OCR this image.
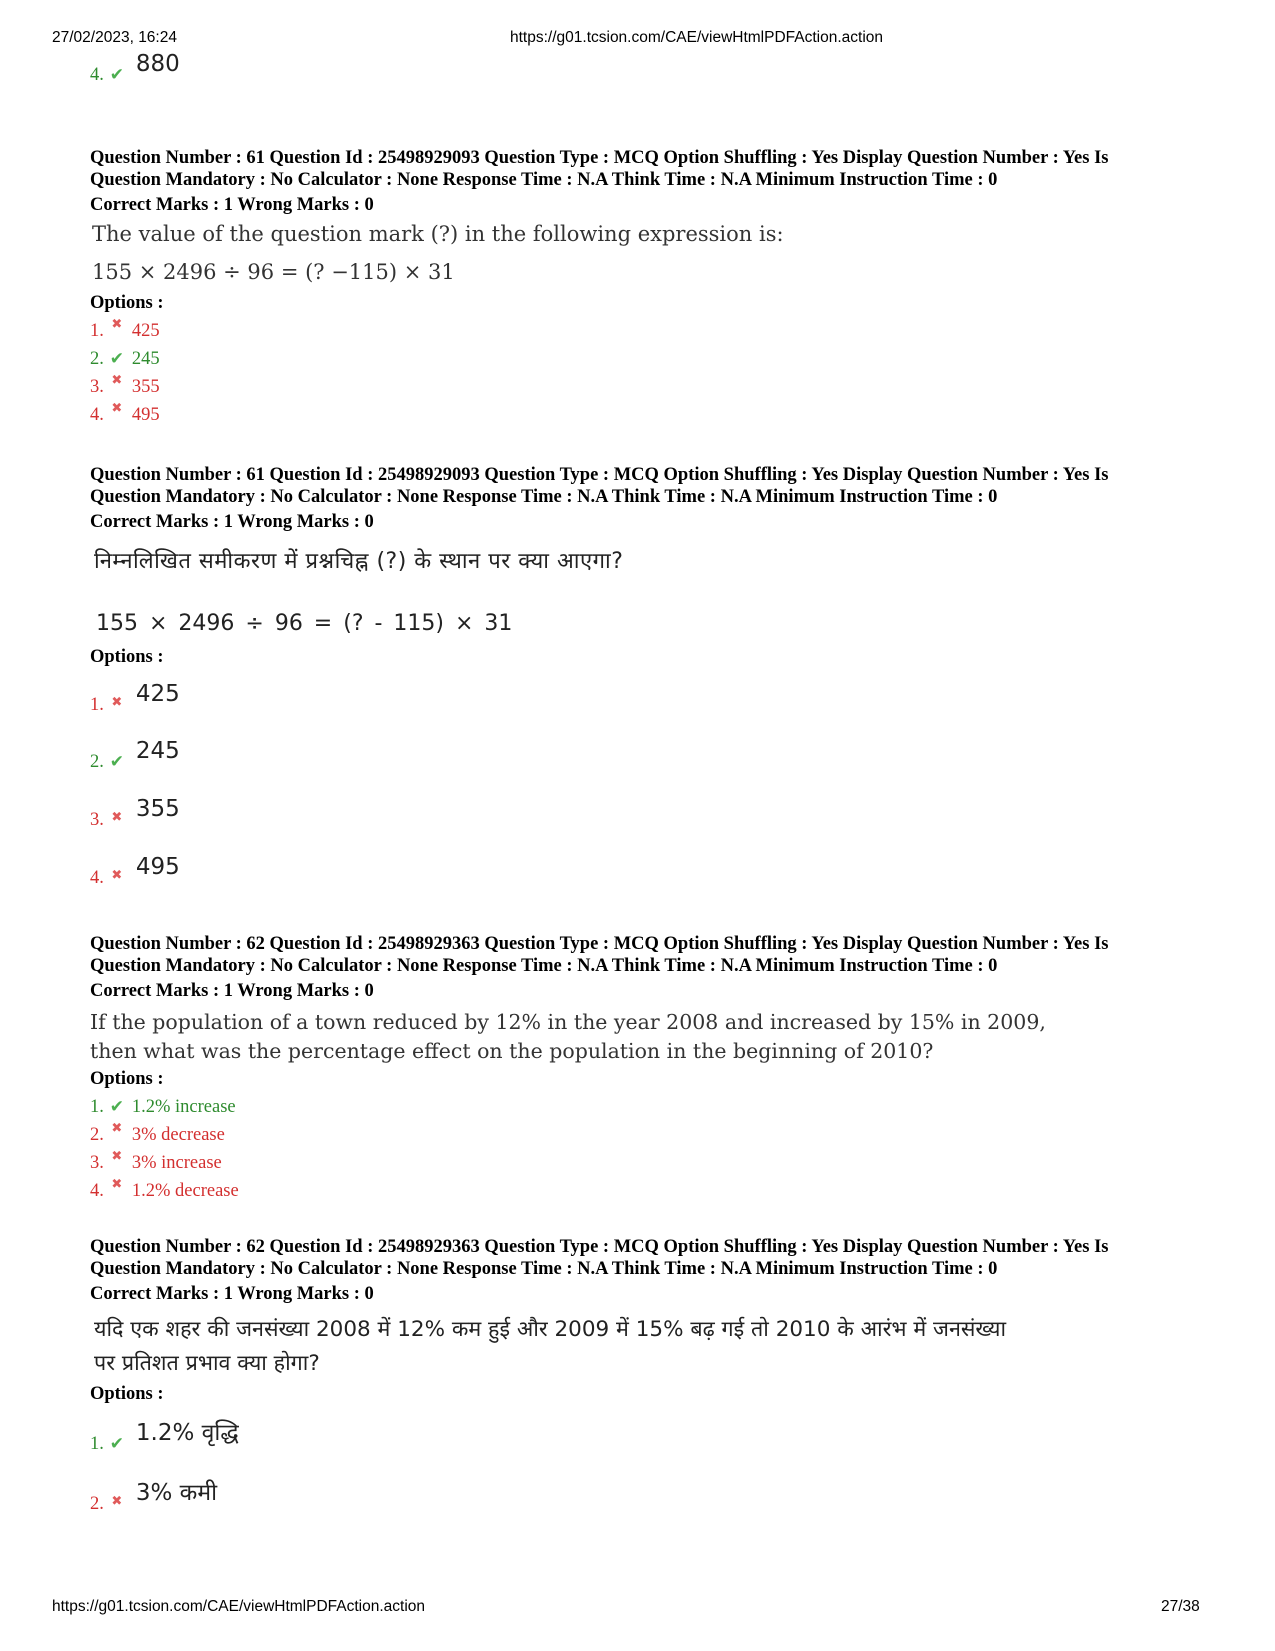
27/02/2023, 16:24	https://g01.tcsion.com/CAE/viewHtmlPDFAction.action
4. ✔ 880
Question Number : 61 Question Id : 25498929093 Question Type : MCQ Option Shuffling : Yes Display Question Number : Yes Is
Question Mandatory : No Calculator : None Response Time : N.A Think Time : N.A Minimum Instruction Time : 0
Correct Marks : 1 Wrong Marks : 0
The value of the question mark (?) in the following expression is:
155 × 2496 ÷ 96 = (? −115) × 31
Options :
1. ✖ 425
2. ✔ 245
3. ✖ 355
4. ✖ 495
Question Number : 61 Question Id : 25498929093 Question Type : MCQ Option Shuffling : Yes Display Question Number : Yes Is
Question Mandatory : No Calculator : None Response Time : N.A Think Time : N.A Minimum Instruction Time : 0
Correct Marks : 1 Wrong Marks : 0
निम्नलिखित समीकरण में प्रश्नचिह्न (?) के स्थान पर क्या आएगा?
155 × 2496 ÷ 96 = (? - 115) × 31
Options :
1. ✖ 425
2. ✔ 245
3. ✖ 355
4. ✖ 495
Question Number : 62 Question Id : 25498929363 Question Type : MCQ Option Shuffling : Yes Display Question Number : Yes Is
Question Mandatory : No Calculator : None Response Time : N.A Think Time : N.A Minimum Instruction Time : 0
Correct Marks : 1 Wrong Marks : 0
If the population of a town reduced by 12% in the year 2008 and increased by 15% in 2009,
then what was the percentage effect on the population in the beginning of 2010?
Options :
1. ✔ 1.2% increase
2. ✖ 3% decrease
3. ✖ 3% increase
4. ✖ 1.2% decrease
Question Number : 62 Question Id : 25498929363 Question Type : MCQ Option Shuffling : Yes Display Question Number : Yes Is
Question Mandatory : No Calculator : None Response Time : N.A Think Time : N.A Minimum Instruction Time : 0
Correct Marks : 1 Wrong Marks : 0
यदि एक शहर की जनसंख्या 2008 में 12% कम हुई और 2009 में 15% बढ़ गई तो 2010 के आरंभ में जनसंख्या
पर प्रतिशत प्रभाव क्या होगा?
Options :
1. ✔ 1.2% वृद्धि
2. ✖ 3% कमी
https://g01.tcsion.com/CAE/viewHtmlPDFAction.action	27/38
